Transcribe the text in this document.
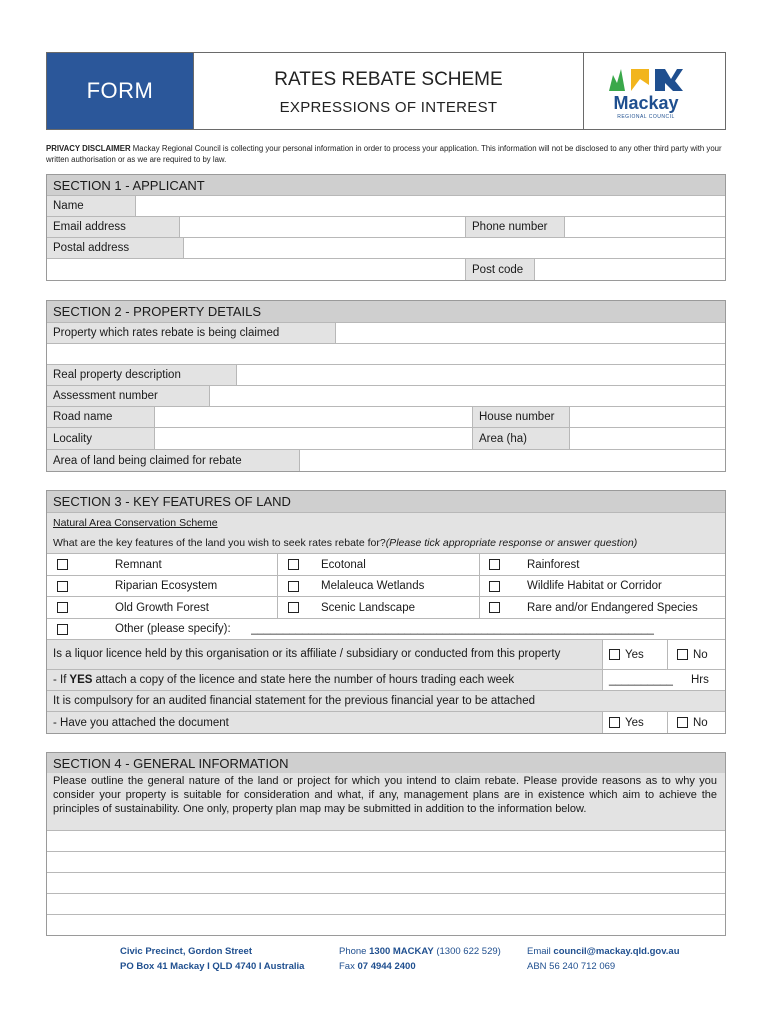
FORM	RATES REBATE SCHEME
EXPRESSIONS OF INTEREST	Mackay
REGIONAL COUNCIL
PRIVACY DISCLAIMER Mackay Regional Council is collecting your personal information in order to process your application. This information will not be disclosed to any other third party with your written authorisation or as we are required to by law.
SECTION 1 - APPLICANT
Name
Email address	Phone number
Postal address
Post code
SECTION 2 - PROPERTY DETAILS
Property which rates rebate is being claimed
Real property description
Assessment number
Road name	House number
Locality	Area (ha)
Area of land being claimed for rebate
SECTION 3 - KEY FEATURES OF LAND
Natural Area Conservation Scheme
What are the key features of the land you wish to seek rates rebate for? (Please tick appropriate response or answer question)
Remnant	Ecotonal	Rainforest
Riparian Ecosystem	Melaleuca Wetlands	Wildlife Habitat or Corridor
Old Growth Forest	Scenic Landscape	Rare and/or Endangered Species
Other (please specify):	_______________________________________________________________
Is a liquor licence held by this organisation or its affiliate / subsidiary or conducted from this property	Yes	No
- If YES attach a copy of the licence and state here the number of hours trading each week	__________	Hrs
It is compulsory for an audited financial statement for the previous financial year to be attached
- Have you attached the document	Yes	No
SECTION 4 - GENERAL INFORMATION
Please outline the general nature of the land or project for which you intend to claim rebate. Please provide reasons as to why you consider your property is suitable for consideration and what, if any, management plans are in existence which aim to achieve the principles of sustainability. One only, property plan map may be submitted in addition to the information below.
Civic Precinct, Gordon Street
PO Box 41 Mackay I QLD 4740 I Australia
Phone 1300 MACKAY (1300 622 529)
Fax 07 4944 2400
Email council@mackay.qld.gov.au
ABN 56 240 712 069
